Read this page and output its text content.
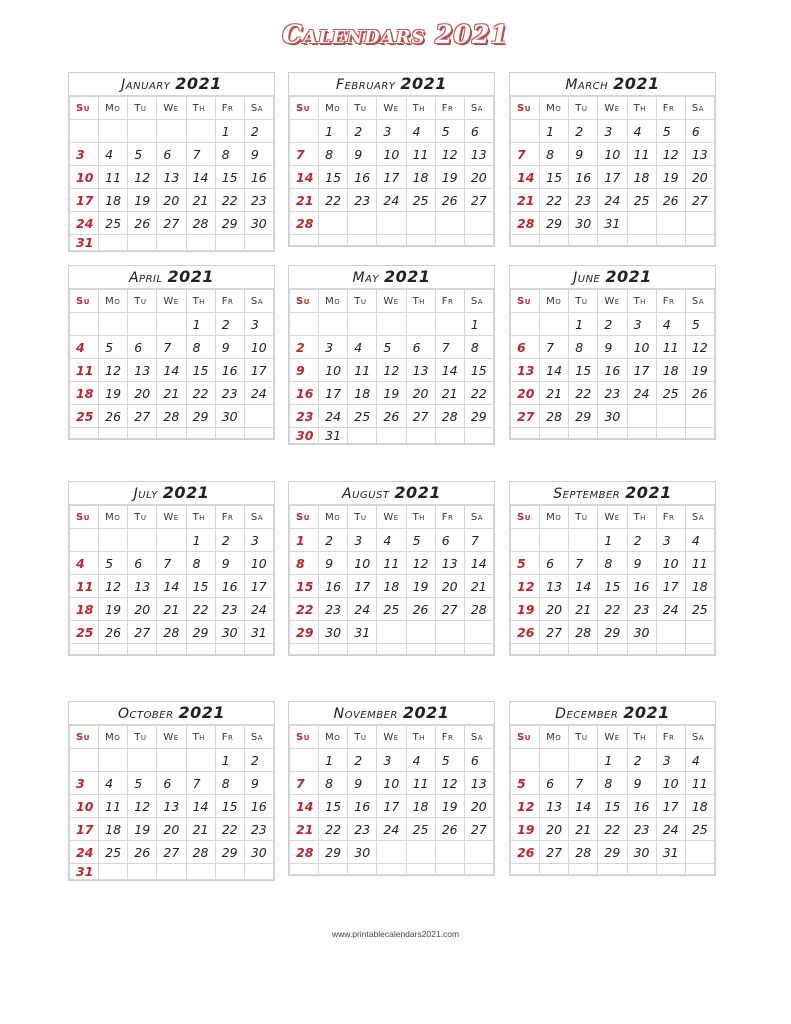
Calendars 2021
January 2021
Su	Mo	Tu	We	Th	Fr	Sa
					1	2
3	4	5	6	7	8	9
10	11	12	13	14	15	16
17	18	19	20	21	22	23
24	25	26	27	28	29	30
31						
February 2021
Su	Mo	Tu	We	Th	Fr	Sa
	1	2	3	4	5	6
7	8	9	10	11	12	13
14	15	16	17	18	19	20
21	22	23	24	25	26	27
28						

March 2021
Su	Mo	Tu	We	Th	Fr	Sa
	1	2	3	4	5	6
7	8	9	10	11	12	13
14	15	16	17	18	19	20
21	22	23	24	25	26	27
28	29	30	31			

April 2021
Su	Mo	Tu	We	Th	Fr	Sa
				1	2	3
4	5	6	7	8	9	10
11	12	13	14	15	16	17
18	19	20	21	22	23	24
25	26	27	28	29	30	

May 2021
Su	Mo	Tu	We	Th	Fr	Sa
						1
2	3	4	5	6	7	8
9	10	11	12	13	14	15
16	17	18	19	20	21	22
23	24	25	26	27	28	29
30	31					
June 2021
Su	Mo	Tu	We	Th	Fr	Sa
		1	2	3	4	5
6	7	8	9	10	11	12
13	14	15	16	17	18	19
20	21	22	23	24	25	26
27	28	29	30			

July 2021
Su	Mo	Tu	We	Th	Fr	Sa
				1	2	3
4	5	6	7	8	9	10
11	12	13	14	15	16	17
18	19	20	21	22	23	24
25	26	27	28	29	30	31

August 2021
Su	Mo	Tu	We	Th	Fr	Sa
1	2	3	4	5	6	7
8	9	10	11	12	13	14
15	16	17	18	19	20	21
22	23	24	25	26	27	28
29	30	31				

September 2021
Su	Mo	Tu	We	Th	Fr	Sa
			1	2	3	4
5	6	7	8	9	10	11
12	13	14	15	16	17	18
19	20	21	22	23	24	25
26	27	28	29	30		

October 2021
Su	Mo	Tu	We	Th	Fr	Sa
					1	2
3	4	5	6	7	8	9
10	11	12	13	14	15	16
17	18	19	20	21	22	23
24	25	26	27	28	29	30
31						
November 2021
Su	Mo	Tu	We	Th	Fr	Sa
	1	2	3	4	5	6
7	8	9	10	11	12	13
14	15	16	17	18	19	20
21	22	23	24	25	26	27
28	29	30				

December 2021
Su	Mo	Tu	We	Th	Fr	Sa
			1	2	3	4
5	6	7	8	9	10	11
12	13	14	15	16	17	18
19	20	21	22	23	24	25
26	27	28	29	30	31	

www.printablecalendars2021.com
